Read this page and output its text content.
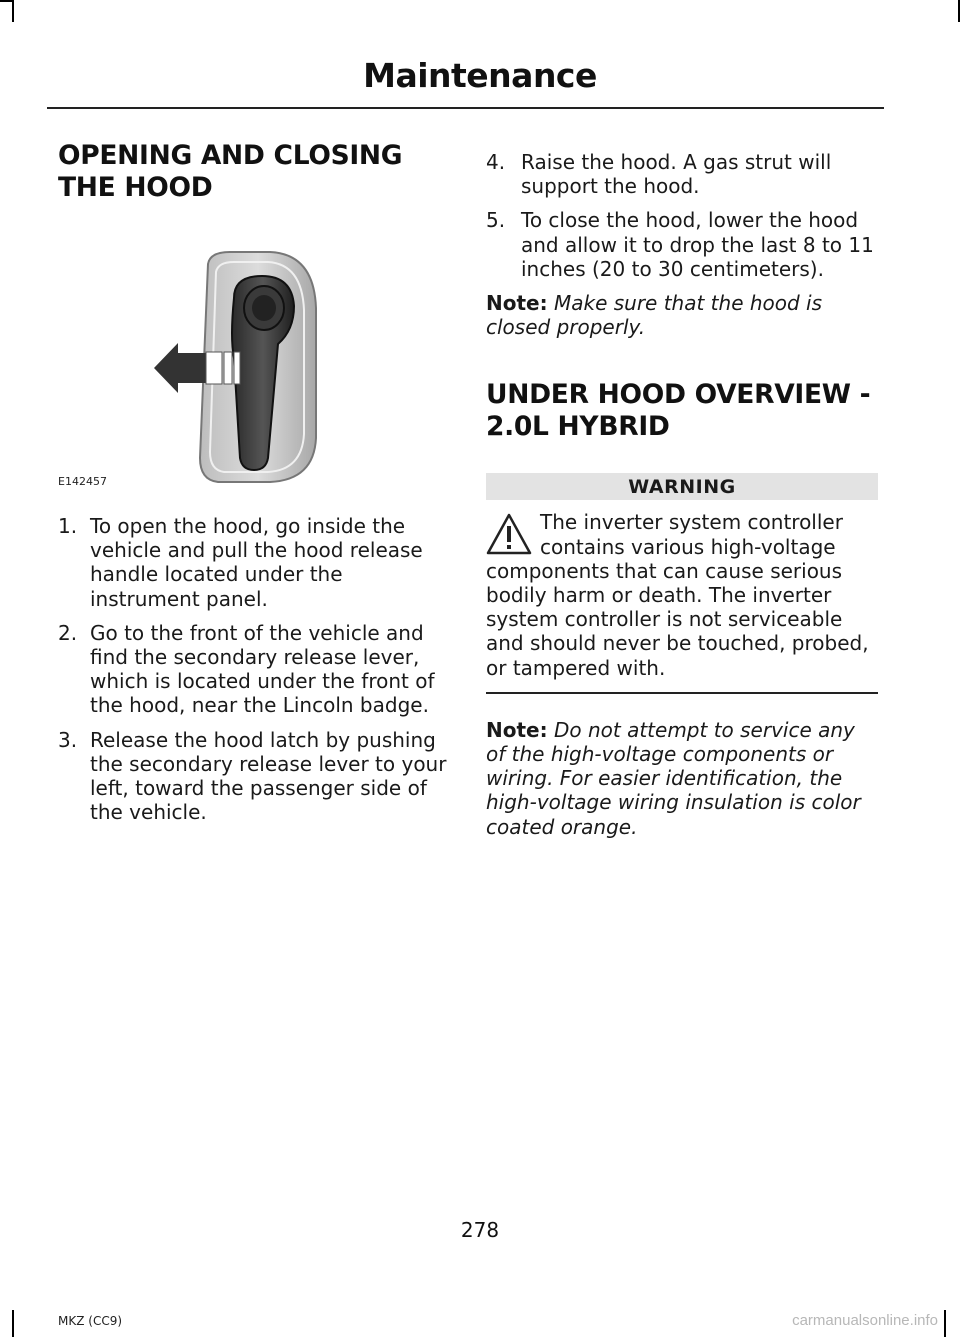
Maintenance
OPENING AND CLOSING
THE HOOD
E142457
1. To open the hood, go inside the vehicle and pull the hood release handle located under the instrument panel.
2. Go to the front of the vehicle and find the secondary release lever, which is located under the front of the hood, near the Lincoln badge.
3. Release the hood latch by pushing the secondary release lever to your left, toward the passenger side of the vehicle.
4. Raise the hood. A gas strut will support the hood.
5. To close the hood, lower the hood and allow it to drop the last 8 to 11 inches (20 to 30 centimeters).

Note: Make sure that the hood is closed properly.

UNDER HOOD OVERVIEW -
2.0L HYBRID
WARNING
The inverter system controller contains various high-voltage components that can cause serious bodily harm or death. The inverter system controller is not serviceable and should never be touched, probed, or tampered with.

Note: Do not attempt to service any of the high-voltage components or wiring. For easier identification, the high-voltage wiring insulation is color coated orange.

278
MKZ (CC9)	carmanualsonline.info
